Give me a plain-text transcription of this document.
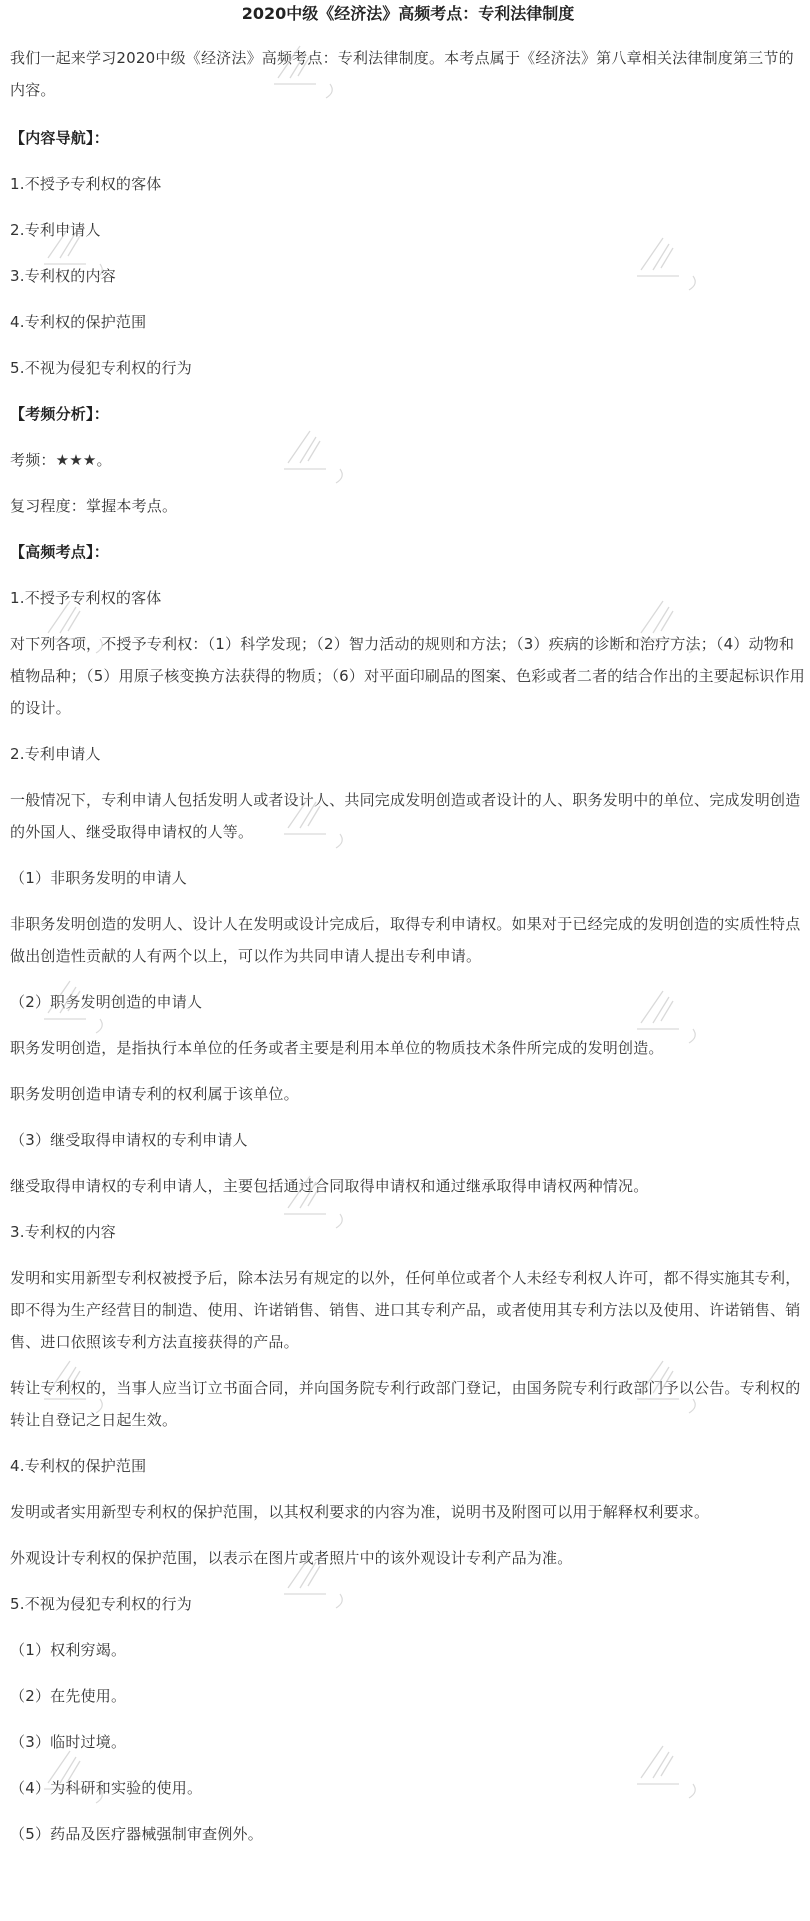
2020中级《经济法》高频考点：专利法律制度

我们一起来学习2020中级《经济法》高频考点：专利法律制度。本考点属于《经济法》第八章相关法律制度第三节的内容。

【内容导航】：

1.不授予专利权的客体

2.专利申请人

3.专利权的内容

4.专利权的保护范围

5.不视为侵犯专利权的行为

【考频分析】：

考频：★★★。

复习程度：掌握本考点。

【高频考点】：

1.不授予专利权的客体

对下列各项，不授予专利权：（1）科学发现；（2）智力活动的规则和方法；（3）疾病的诊断和治疗方法；（4）动物和植物品种；（5）用原子核变换方法获得的物质；（6）对平面印刷品的图案、色彩或者二者的结合作出的主要起标识作用的设计。

2.专利申请人

一般情况下，专利申请人包括发明人或者设计人、共同完成发明创造或者设计的人、职务发明中的单位、完成发明创造的外国人、继受取得申请权的人等。

（1）非职务发明的申请人

非职务发明创造的发明人、设计人在发明或设计完成后，取得专利申请权。如果对于已经完成的发明创造的实质性特点做出创造性贡献的人有两个以上，可以作为共同申请人提出专利申请。

（2）职务发明创造的申请人

职务发明创造，是指执行本单位的任务或者主要是利用本单位的物质技术条件所完成的发明创造。

职务发明创造申请专利的权利属于该单位。

（3）继受取得申请权的专利申请人

继受取得申请权的专利申请人，主要包括通过合同取得申请权和通过继承取得申请权两种情况。

3.专利权的内容

发明和实用新型专利权被授予后，除本法另有规定的以外，任何单位或者个人未经专利权人许可，都不得实施其专利，即不得为生产经营目的制造、使用、许诺销售、销售、进口其专利产品，或者使用其专利方法以及使用、许诺销售、销售、进口依照该专利方法直接获得的产品。

转让专利权的，当事人应当订立书面合同，并向国务院专利行政部门登记，由国务院专利行政部门予以公告。专利权的转让自登记之日起生效。

4.专利权的保护范围

发明或者实用新型专利权的保护范围，以其权利要求的内容为准，说明书及附图可以用于解释权利要求。

外观设计专利权的保护范围，以表示在图片或者照片中的该外观设计专利产品为准。

5.不视为侵犯专利权的行为

（1）权利穷竭。

（2）在先使用。

（3）临时过境。

（4）为科研和实验的使用。

（5）药品及医疗器械强制审查例外。
